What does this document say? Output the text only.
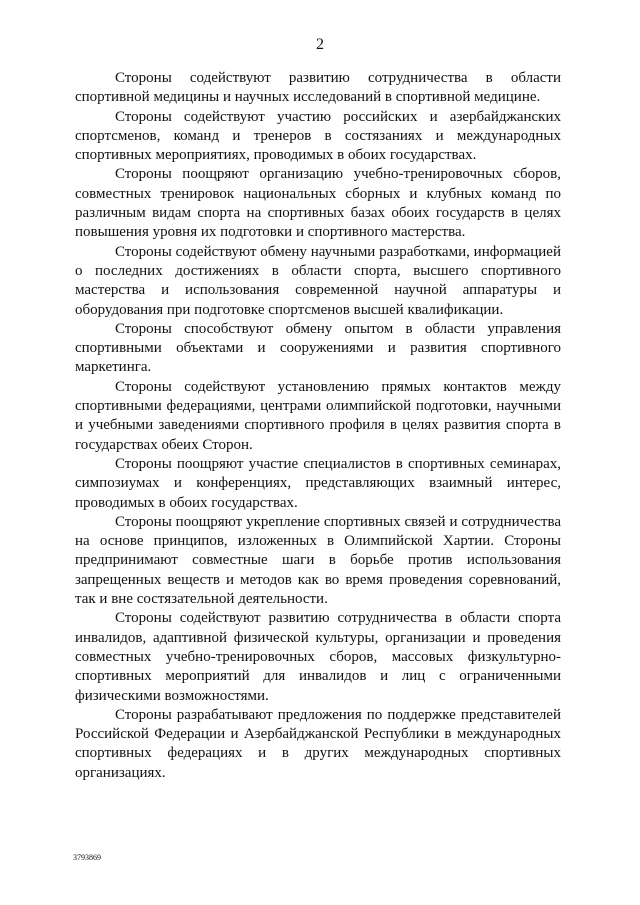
2

Стороны содействуют развитию сотрудничества в области спортивной медицины и научных исследований в спортивной медицине.

Стороны содействуют участию российских и азербайджанских спортсменов, команд и тренеров в состязаниях и международных спортивных мероприятиях, проводимых в обоих государствах.

Стороны поощряют организацию учебно-тренировочных сборов, совместных тренировок национальных сборных и клубных команд по различным видам спорта на спортивных базах обоих государств в целях повышения уровня их подготовки и спортивного мастерства.

Стороны содействуют обмену научными разработками, информацией о последних достижениях в области спорта, высшего спортивного мастерства и использования современной научной аппаратуры и оборудования при подготовке спортсменов высшей квалификации.

Стороны способствуют обмену опытом в области управления спортивными объектами и сооружениями и развития спортивного маркетинга.

Стороны содействуют установлению прямых контактов между спортивными федерациями, центрами олимпийской подготовки, научными и учебными заведениями спортивного профиля в целях развития спорта в государствах обеих Сторон.

Стороны поощряют участие специалистов в спортивных семинарах, симпозиумах и конференциях, представляющих взаимный интерес, проводимых в обоих государствах.

Стороны поощряют укрепление спортивных связей и сотрудничества на основе принципов, изложенных в Олимпийской Хартии. Стороны предпринимают совместные шаги в борьбе против использования запрещенных веществ и методов как во время проведения соревнований, так и вне состязательной деятельности.

Стороны содействуют развитию сотрудничества в области спорта инвалидов, адаптивной физической культуры, организации и проведения совместных учебно-тренировочных сборов, массовых физкультурно-спортивных мероприятий для инвалидов и лиц с ограниченными физическими возможностями.

Стороны разрабатывают предложения по поддержке представителей Российской Федерации и Азербайджанской Республики в международных спортивных федерациях и в других международных спортивных организациях.

3793869
